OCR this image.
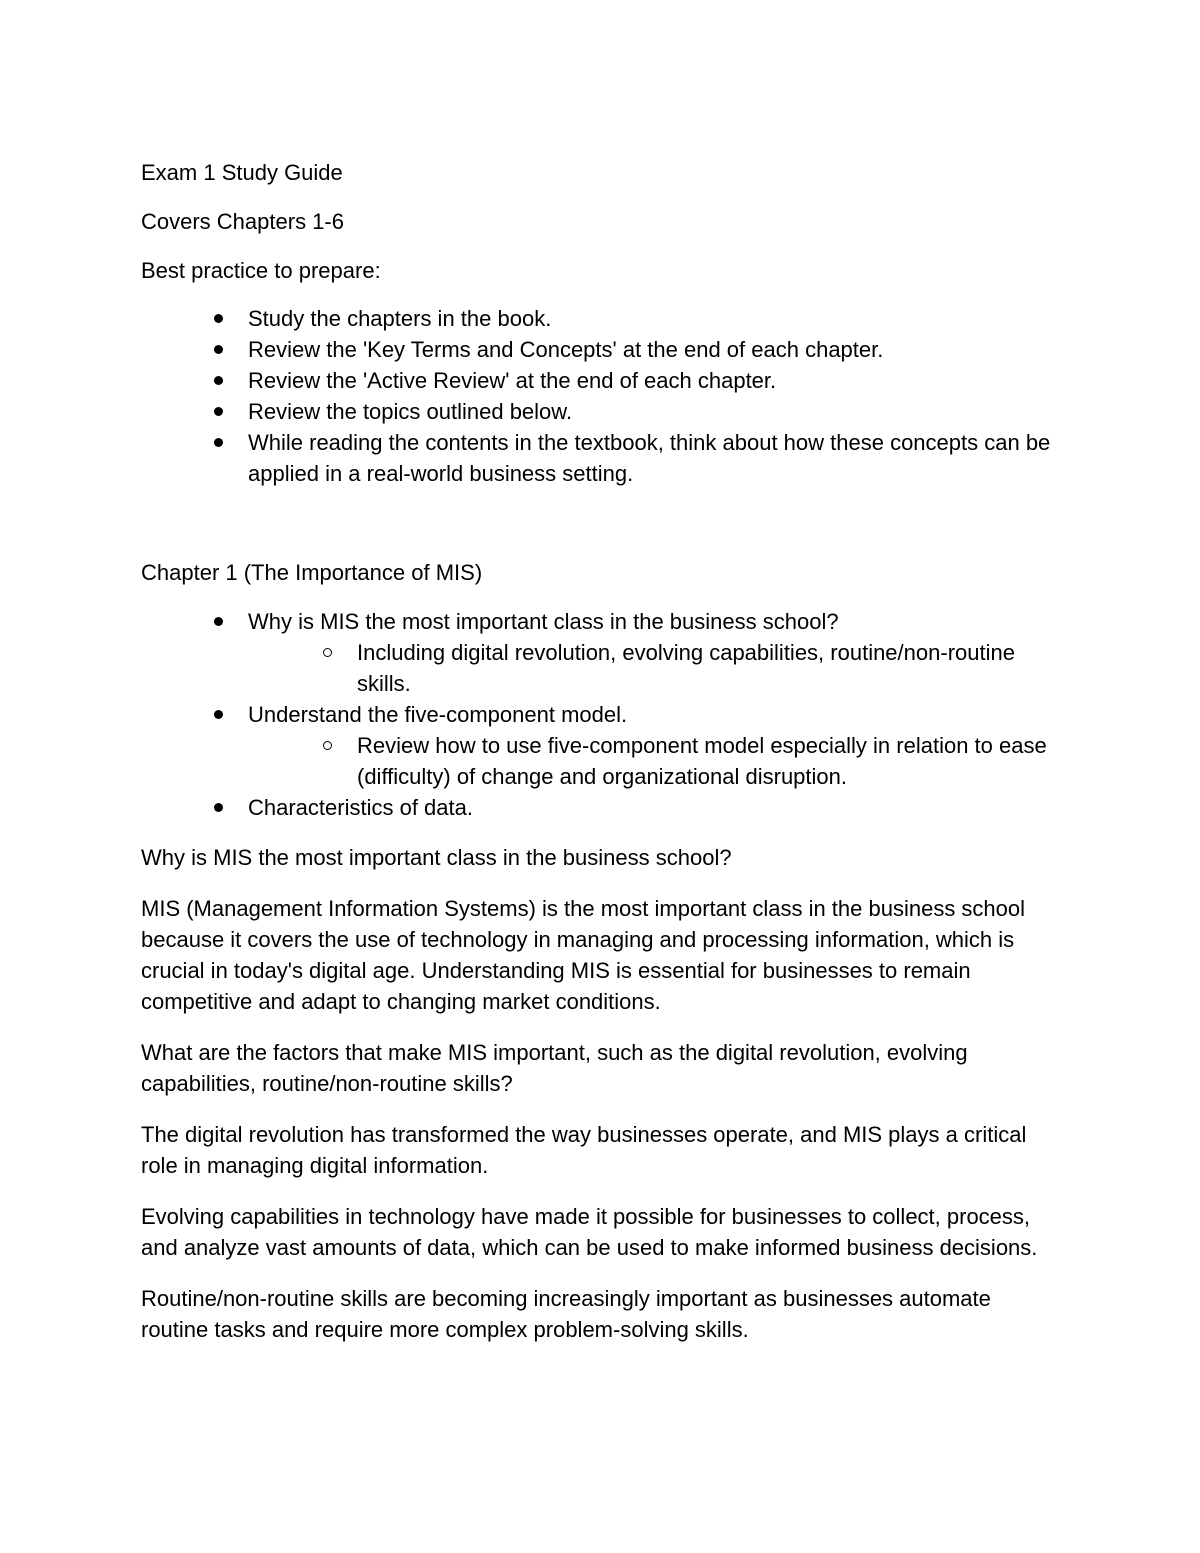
Exam 1 Study Guide

Covers Chapters 1-6

Best practice to prepare:

Study the chapters in the book.
Review the 'Key Terms and Concepts' at the end of each chapter.
Review the 'Active Review' at the end of each chapter.
Review the topics outlined below.
While reading the contents in the textbook, think about how these concepts can be applied in a real-world business setting.

Chapter 1 (The Importance of MIS)

Why is MIS the most important class in the business school?
Including digital revolution, evolving capabilities, routine/non-routine skills.
Understand the five-component model.
Review how to use five-component model especially in relation to ease (difficulty) of change and organizational disruption.
Characteristics of data.

Why is MIS the most important class in the business school?

MIS (Management Information Systems) is the most important class in the business school because it covers the use of technology in managing and processing information, which is crucial in today's digital age. Understanding MIS is essential for businesses to remain competitive and adapt to changing market conditions.

What are the factors that make MIS important, such as the digital revolution, evolving capabilities, routine/non-routine skills?

The digital revolution has transformed the way businesses operate, and MIS plays a critical role in managing digital information.

Evolving capabilities in technology have made it possible for businesses to collect, process, and analyze vast amounts of data, which can be used to make informed business decisions.

Routine/non-routine skills are becoming increasingly important as businesses automate routine tasks and require more complex problem-solving skills.
